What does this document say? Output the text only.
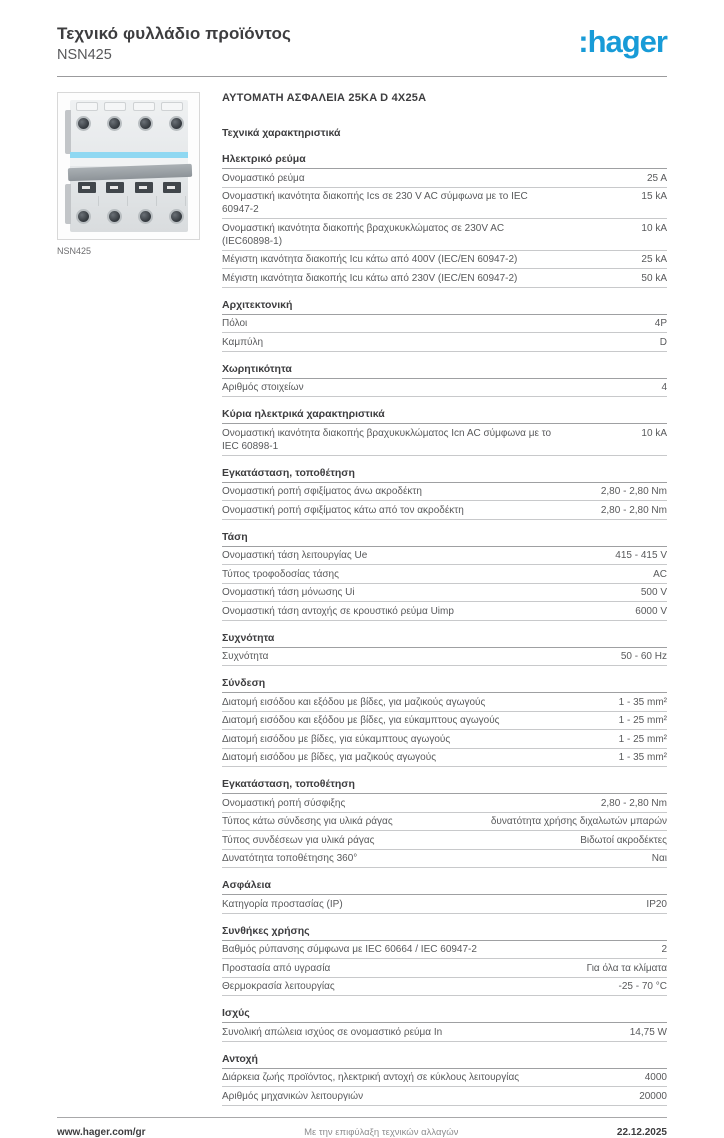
Τεχνικό φυλλάδιο προϊόντος
NSN425	:hager
NSN425
ΑΥΤΟΜΑΤΗ ΑΣΦΑΛΕΙΑ 25KA D 4X25A
Τεχνικά χαρακτηριστικά
Ηλεκτρικό ρεύμα
Ονομαστικό ρεύμα	25 A
Ονομαστική ικανότητα διακοπής Ics σε 230 V AC σύμφωνα με το IEC 60947-2
15 kA
Ονομαστική ικανότητα διακοπής βραχυκυκλώματος σε 230V AC (IEC60898-1)
10 kA
Μέγιστη ικανότητα διακοπής Icu κάτω από 400V (IEC/EN 60947-2)	25 kA
Μέγιστη ικανότητα διακοπής Icu κάτω από 230V (IEC/EN 60947-2)	50 kA
Αρχιτεκτονική
Πόλοι	4P
Καμπύλη	D
Χωρητικότητα
Αριθμός στοιχείων	4
Κύρια ηλεκτρικά χαρακτηριστικά
Ονομαστική ικανότητα διακοπής βραχυκυκλώματος Icn AC σύμφωνα με το IEC 60898-1
10 kA
Εγκατάσταση, τοποθέτηση
Ονομαστική ροπή σφιξίματος άνω ακροδέκτη	2,80 - 2,80 Nm
Ονομαστική ροπή σφιξίματος κάτω από τον ακροδέκτη	2,80 - 2,80 Nm
Τάση
Ονομαστική τάση λειτουργίας Ue	415 - 415 V
Τύπος τροφοδοσίας τάσης	AC
Ονομαστική τάση μόνωσης Ui	500 V
Ονομαστική τάση αντοχής σε κρουστικό ρεύμα Uimp	6000 V
Συχνότητα
Συχνότητα	50 - 60 Hz
Σύνδεση
Διατομή εισόδου και εξόδου με βίδες, για μαζικούς αγωγούς	1 - 35 mm²
Διατομή εισόδου και εξόδου με βίδες, για εύκαμπτους αγωγούς	1 - 25 mm²
Διατομή εισόδου με βίδες, για εύκαμπτους αγωγούς	1 - 25 mm²
Διατομή εισόδου με βίδες, για μαζικούς αγωγούς	1 - 35 mm²
Εγκατάσταση, τοποθέτηση
Ονομαστική ροπή σύσφιξης	2,80 - 2,80 Nm
Τύπος κάτω σύνδεσης για υλικά ράγας	δυνατότητα χρήσης διχαλωτών μπαρών
Τύπος συνδέσεων για υλικά ράγας	Βιδωτοί ακροδέκτες
Δυνατότητα τοποθέτησης 360°	Ναι
Ασφάλεια
Κατηγορία προστασίας (IP)	IP20
Συνθήκες χρήσης
Βαθμός ρύπανσης σύμφωνα με IEC 60664 / IEC 60947-2	2
Προστασία από υγρασία	Για όλα τα κλίματα
Θερμοκρασία λειτουργίας	-25 - 70 °C
Ισχύς
Συνολική απώλεια ισχύος σε ονομαστικό ρεύμα In	14,75 W
Αντοχή
Διάρκεια ζωής προϊόντος, ηλεκτρική αντοχή σε κύκλους λειτουργίας	4000
Αριθμός μηχανικών λειτουργιών	20000
www.hager.com/gr	Με την επιφύλαξη τεχνικών αλλαγών	22.12.2025
